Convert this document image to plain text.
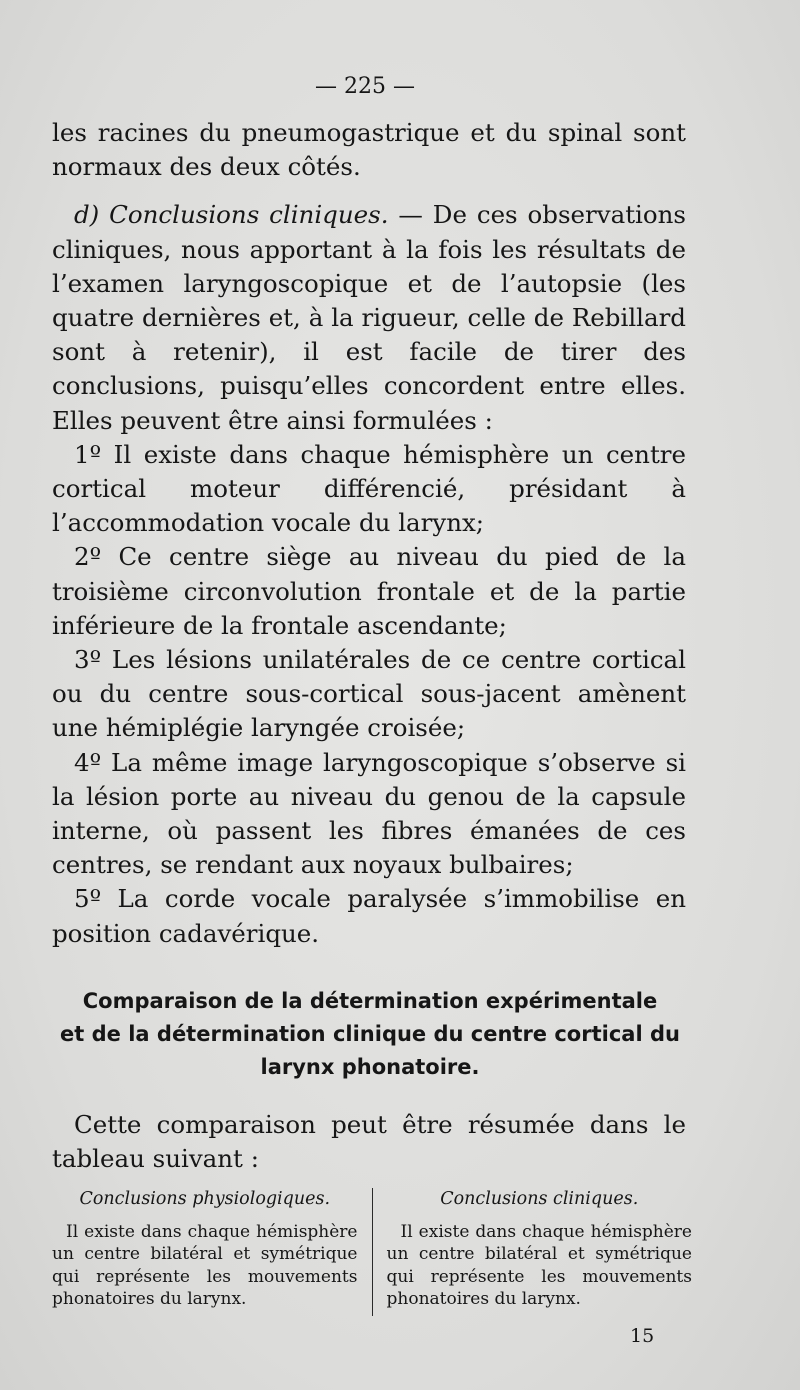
— 225 —

les racines du pneumogastrique et du spinal sont normaux des deux côtés.

d) Conclusions cliniques. — De ces observations cliniques, nous apportant à la fois les résultats de l’examen laryngoscopique et de l’autopsie (les quatre dernières et, à la rigueur, celle de Rebillard sont à retenir), il est facile de tirer des conclusions, puisqu’elles concordent entre elles. Elles peuvent être ainsi formulées :

1º Il existe dans chaque hémisphère un centre cortical moteur différencié, présidant à l’accommodation vocale du larynx;

2º Ce centre siège au niveau du pied de la troisième circonvolution frontale et de la partie inférieure de la frontale ascendante;

3º Les lésions unilatérales de ce centre cortical ou du centre sous-cortical sous-jacent amènent une hémiplégie laryngée croisée;

4º La même image laryngoscopique s’observe si la lésion porte au niveau du genou de la capsule interne, où passent les fibres émanées de ces centres, se rendant aux noyaux bulbaires;

5º La corde vocale paralysée s’immobilise en position cadavérique.

Comparaison de la détermination expérimentale
et de la détermination clinique du centre cortical du
larynx phonatoire.

Cette comparaison peut être résumée dans le tableau suivant :

Conclusions physiologiques.
Il existe dans chaque hémisphère un centre bilatéral et symétrique qui représente les mouvements phonatoires du larynx.
Conclusions cliniques.
Il existe dans chaque hémisphère un centre bilatéral et symétrique qui représente les mouvements phonatoires du larynx.
15
